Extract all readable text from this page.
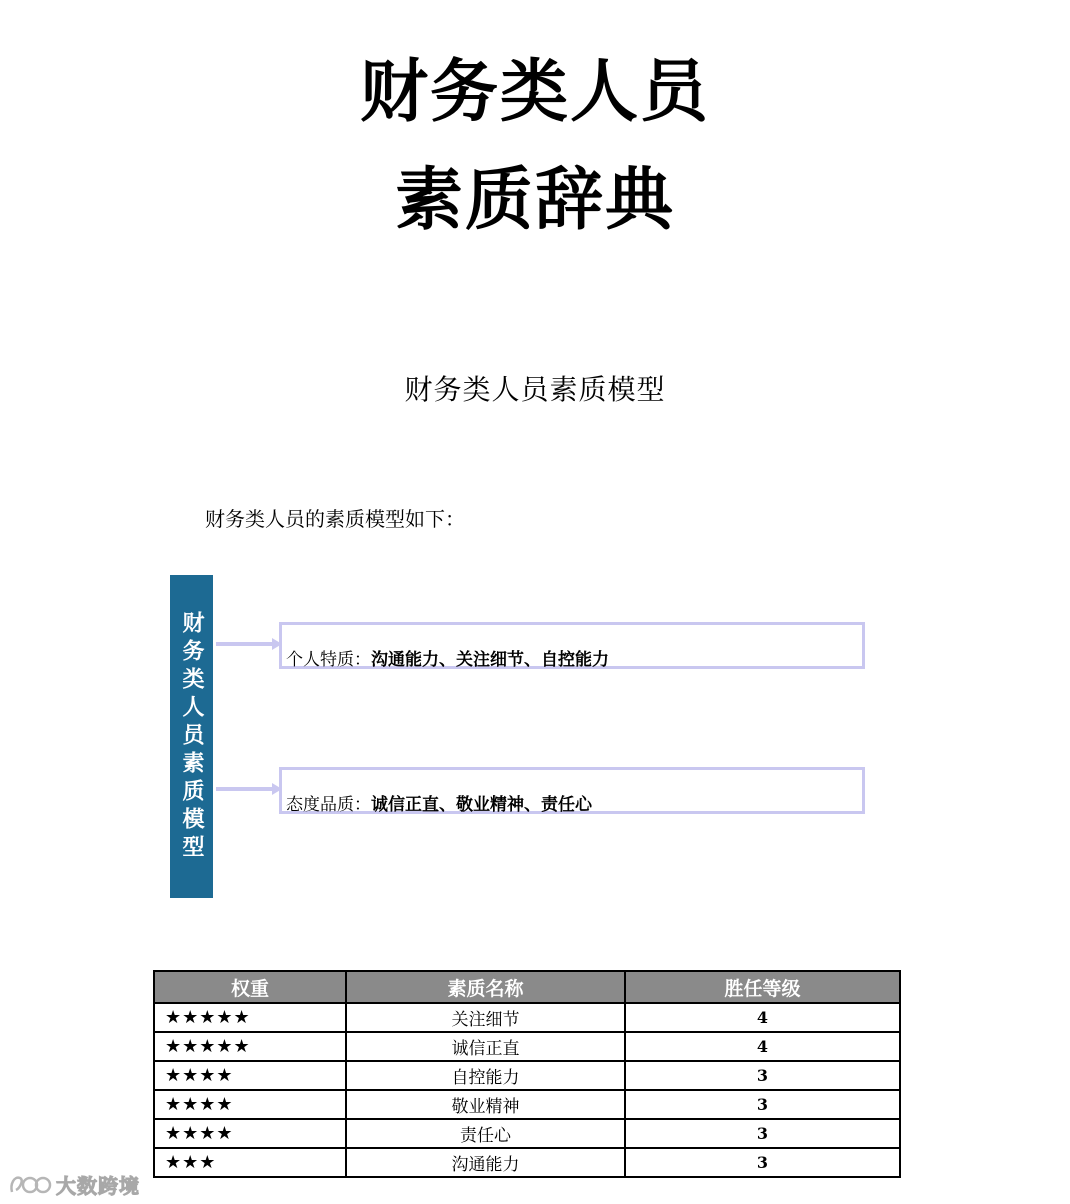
财务类人员
素质辞典
财务类人员素质模型
财务类人员的素质模型如下：
财务类人员素质模型	个人特质：沟通能力、关注细节、自控能力
态度品质：诚信正直、敬业精神、责任心
权重	素质名称	胜任等级
★★★★★	关注细节	4
★★★★★	诚信正直	4
★★★★	自控能力	3
★★★★	敬业精神	3
★★★★	责任心	3
★★★	沟通能力	3
大数跨境
